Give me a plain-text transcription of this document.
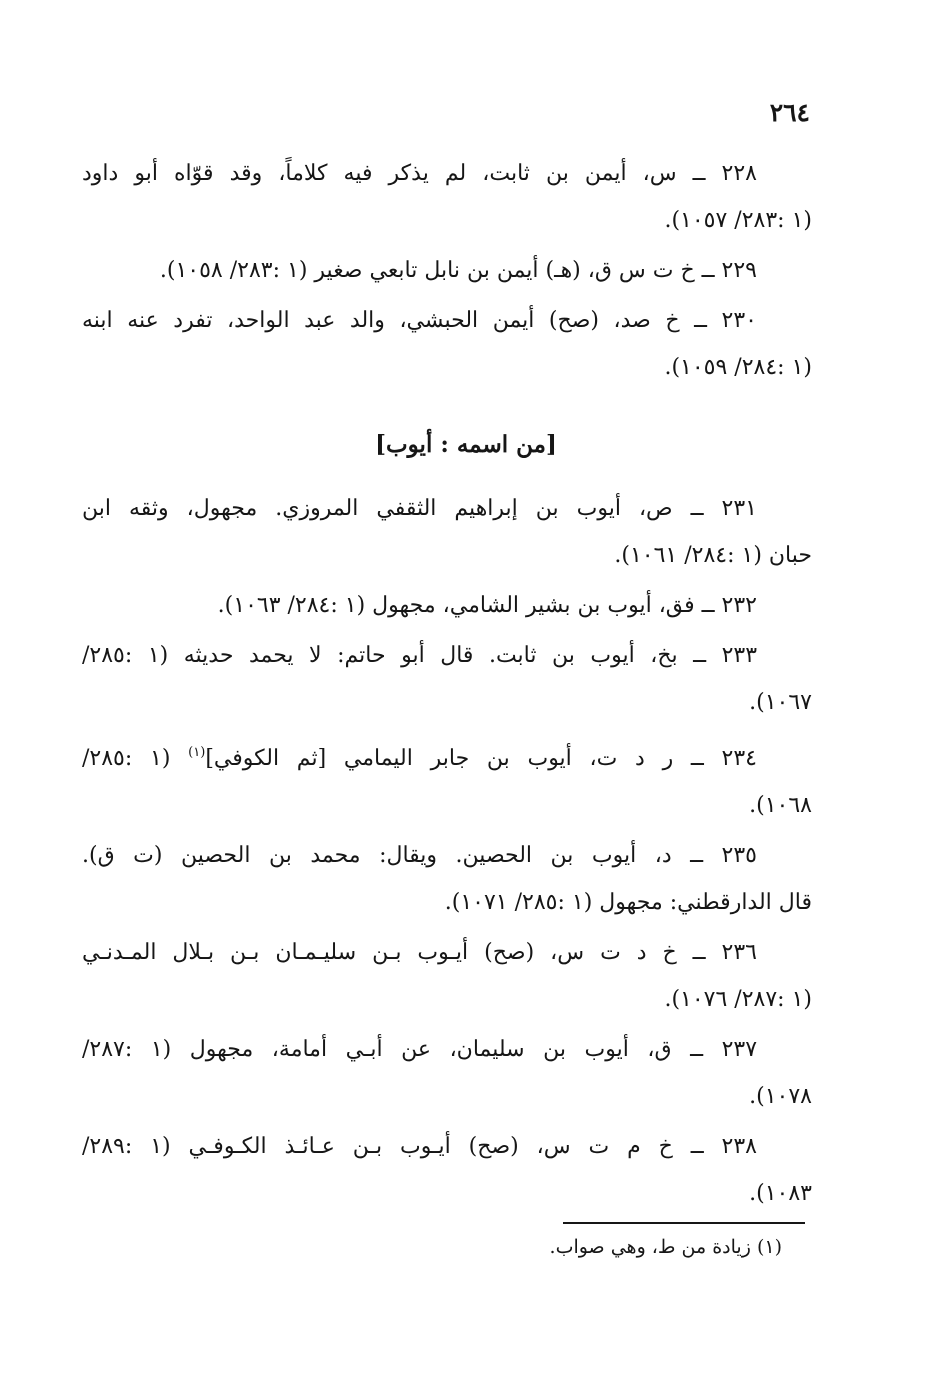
٢٦٤
٢٢٨ ــ س، أيمن بن ثابت، لم يذكر فيه كلاماً، وقد قوّاه أبو داود
(١ :٢٨٣/ ١٠٥٧).
٢٢٩ ــ خ ت س ق، (هـ) أيمن بن نابل تابعي صغير (١ :٢٨٣/ ١٠٥٨).
٢٣٠ ــ خ صد، (صح) أيمن الحبشي، والد عبد الواحد، تفرد عنه ابنه
(١ :٢٨٤/ ١٠٥٩).
[من اسمه : أيوب]
٢٣١ ــ ص، أيوب بن إبراهيم الثقفي المروزي. مجهول، وثقه ابن
حبان (١ :٢٨٤/ ١٠٦١).
٢٣٢ ــ فق، أيوب بن بشير الشامي، مجهول (١ :٢٨٤/ ١٠٦٣).
٢٣٣ ــ بخ، أيوب بن ثابت. قال أبو حاتم: لا يحمد حديثه (١ :٢٨٥/
١٠٦٧).
٢٣٤ ــ ر د ت، أيوب بن جابر اليمامي [ثم الكوفي]$^{(١)}$ (١ :٢٨٥/
١٠٦٨).
٢٣٥ ــ د، أيوب بن الحصين. ويقال: محمد بن الحصين (ت ق).
قال الدارقطني: مجهول (١ :٢٨٥/ ١٠٧١).
٢٣٦ ــ خ د ت س، (صح) أيـوب بـن سليـمـان بـن بـلال المـدنـي
(١ :٢٨٧/ ١٠٧٦).
٢٣٧ ــ ق، أيوب بن سليمان، عن أبـي أمامة، مجهول (١ :٢٨٧/
١٠٧٨).
٢٣٨ ــ خ م ت س، (صح) أيـوب بـن عـائـذ الكـوفـي (١ :٢٨٩/
١٠٨٣).
(١) زيادة من ط، وهي صواب.
